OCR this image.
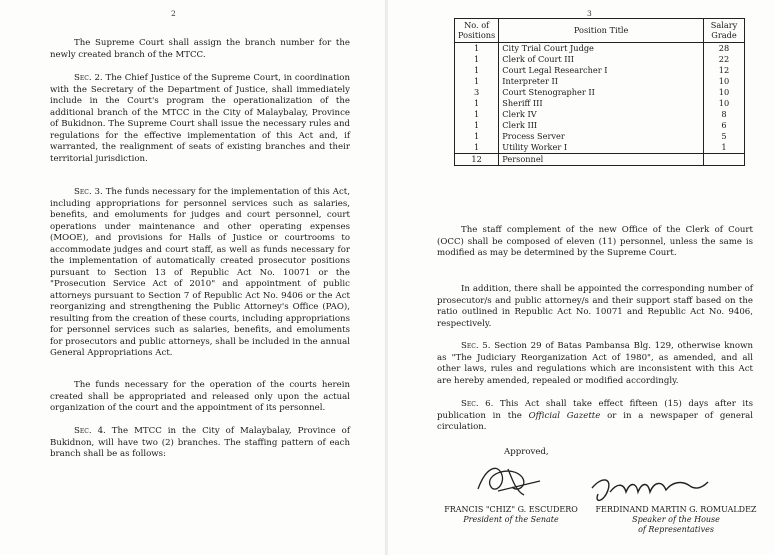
2

The Supreme Court shall assign the branch number for the newly created branch of the MTCC.

Sec. 2. The Chief Justice of the Supreme Court, in coordination with the Secretary of the Department of Justice, shall immediately include in the Court's program the operationalization of the additional branch of the MTCC in the City of Malaybalay, Province of Bukidnon. The Supreme Court shall issue the necessary rules and regulations for the effective implementation of this Act and, if warranted, the realignment of seats of existing branches and their territorial jurisdiction.

Sec. 3. The funds necessary for the implementation of this Act, including appropriations for personnel services such as salaries, benefits, and emoluments for judges and court personnel, court operations under maintenance and other operating expenses (MOOE), and provisions for Halls of Justice or courtrooms to accommodate judges and court staff, as well as funds necessary for the implementation of automatically created prosecutor positions pursuant to Section 13 of Republic Act No. 10071 or the "Prosecution Service Act of 2010" and appointment of public attorneys pursuant to Section 7 of Republic Act No. 9406 or the Act reorganizing and strengthening the Public Attorney's Office (PAO), resulting from the creation of these courts, including appropriations for personnel services such as salaries, benefits, and emoluments for prosecutors and public attorneys, shall be included in the annual General Appropriations Act.

The funds necessary for the operation of the courts herein created shall be appropriated and released only upon the actual organization of the court and the appointment of its personnel.

Sec. 4. The MTCC in the City of Malaybalay, Province of Bukidnon, will have two (2) branches. The staffing pattern of each branch shall be as follows:

3
No. of Positions	Position Title	Salary Grade
1	City Trial Court Judge	28
1	Clerk of Court III	22
1	Court Legal Researcher I	12
1	Interpreter II	10
3	Court Stenographer II	10
1	Sheriff III	10
1	Clerk IV	8
1	Clerk III	6
1	Process Server	5
1	Utility Worker I	1
12	Personnel	

The staff complement of the new Office of the Clerk of Court (OCC) shall be composed of eleven (11) personnel, unless the same is modified as may be determined by the Supreme Court.

In addition, there shall be appointed the corresponding number of prosecutor/s and public attorney/s and their support staff based on the ratio outlined in Republic Act No. 10071 and Republic Act No. 9406, respectively.

Sec. 5. Section 29 of Batas Pambansa Blg. 129, otherwise known as "The Judiciary Reorganization Act of 1980", as amended, and all other laws, rules and regulations which are inconsistent with this Act are hereby amended, repealed or modified accordingly.

Sec. 6. This Act shall take effect fifteen (15) days after its publication in the Official Gazette or in a newspaper of general circulation.

Approved,
FRANCIS "CHIZ" G. ESCUDERO
President of the Senate
FERDINAND MARTIN G. ROMUALDEZ
Speaker of the House
of Representatives
